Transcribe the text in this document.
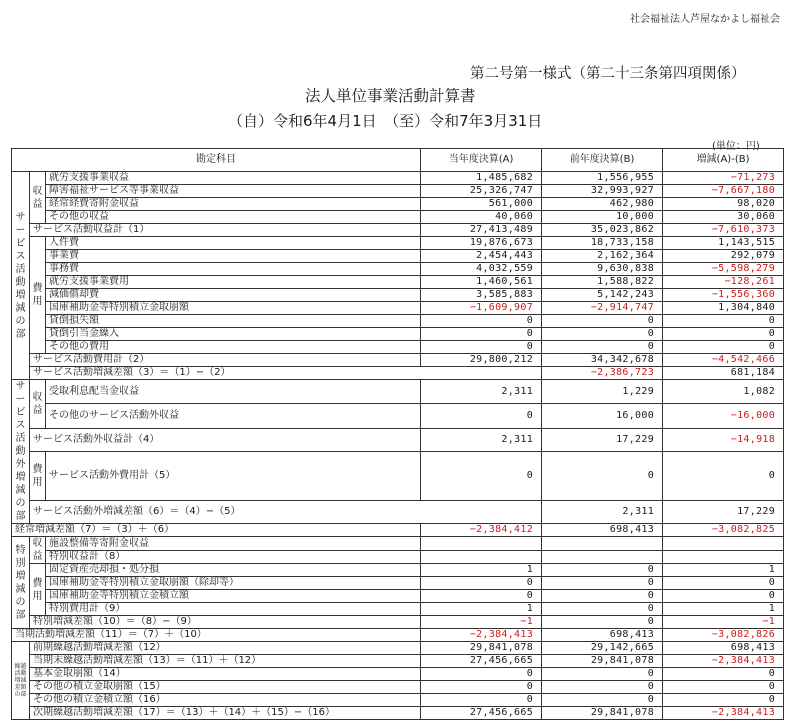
社会福祉法人芦屋なかよし福祉会
第二号第一様式（第二十三条第四項関係）
法人単位事業活動計算書
（自）令和6年4月1日　（至）令和7年3月31日
(単位：円)
勘定科目			当年度決算(A)	前年度決算(B)	増減(A)-(B)	
サービス活動増減の部	収益	就労支援事業収益	1,485,682	1,556,955	−71,273	
		障害福祉サービス等事業収益	25,326,747	32,993,927	−7,667,180	
		経常経費寄附金収益	561,000	462,980	98,020	
		その他の収益	40,060	10,000	30,060	
	サービス活動収益計（1）		27,413,489	35,023,862	−7,610,373	
	費用	人件費	19,876,673	18,733,158	1,143,515	
		事業費	2,454,443	2,162,364	292,079	
		事務費	4,032,559	9,630,838	−5,598,279	
		就労支援事業費用	1,460,561	1,588,822	−128,261	
		減価償却費	3,585,883	5,142,243	−1,556,360	
		国庫補助金等特別積立金取崩額	−1,609,907	−2,914,747	1,304,840	
		貸倒損失額	0	0	0	
		貸倒引当金繰入	0	0	0	
		その他の費用	0	0	0	
	サービス活動費用計（2）		29,800,212	34,342,678	−4,542,466	
	サービス活動増減差額（3）＝（1）−（2）			−2,386,723	681,184	
サービス活動外増減の部	収益	受取利息配当金収益	2,311	1,229	1,082	
		その他のサービス活動外収益	0	16,000	−16,000	
	サービス活動外収益計（4）		2,311	17,229	−14,918	
	費用	サービス活動外費用計（5）	0	0	0	
	サービス活動外増減差額（6）＝（4）−（5）			2,311	17,229	
経常増減差額（7）＝（3）＋（6）			−2,384,412	698,413	−3,082,825	
特別増減の部	収益	施設整備等寄附金収益				
		特別収益計（8）				
	費用	固定資産売却損・処分損	1	0	1	
		国庫補助金等特別積立金取崩額（除却等）	0	0	0	
		国庫補助金等特別積立金積立額	0	0	0	
		特別費用計（9）	1	0	1	
	特別増減差額（10）＝（8）−（9）		−1	0	−1	
当期活動増減差額（11）＝（7）＋（10）			−2,384,413	698,413	−3,082,826	
繰越活動増減差額の部	前期繰越活動増減差額（12）		29,841,078	29,142,665	698,413	
	当期末繰越活動増減差額（13）＝（11）＋（12）		27,456,665	29,841,078	−2,384,413	
	基本金取崩額（14）		0	0	0	
	その他の積立金取崩額（15）		0	0	0	
	その他の積立金積立額（16）		0	0	0	
	次期繰越活動増減差額（17）＝（13）＋（14）＋（15）−（16）		27,456,665	29,841,078	−2,384,413	
